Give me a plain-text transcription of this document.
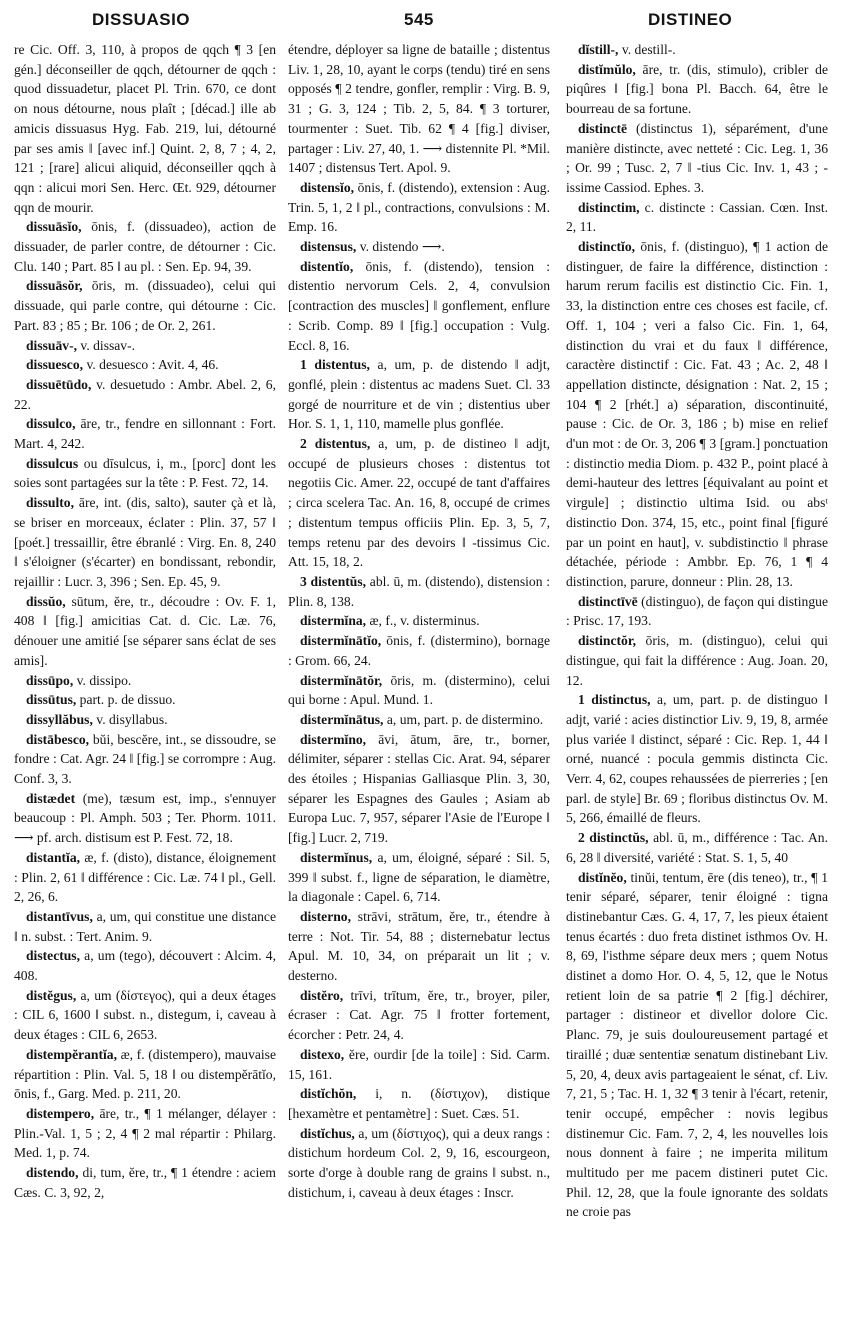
DISSUASIO	545	DISTINEO

re Cic. Off. 3, 110, à propos de qqch ¶ 3 [en gén.] déconseiller de qqch, détourner de qqch : quod dissuadetur, placet Pl. Trin. 670, ce dont on nous détourne, nous plaît ; [décad.] ille ab amicis dissuasus Hyg. Fab. 219, lui, détourné par ses amis ‖ [avec inf.] Quint. 2, 8, 7 ; 4, 2, 121 ; [rare] alicui aliquid, déconseiller qqch à qqn : alicui mori Sen. Herc. Œt. 929, détourner qqn de mourir.

dissuāsĭo, ōnis, f. (dissuadeo), action de dissuader, de parler contre, de détourner : Cic. Clu. 140 ; Part. 85 ‖ au pl. : Sen. Ep. 94, 39.

dissuāsŏr, ōris, m. (dissuadeo), celui qui dissuade, qui parle contre, qui détourne : Cic. Part. 83 ; 85 ; Br. 106 ; de Or. 2, 261.

dissuāv-, v. dissav-.

dissuesco, v. desuesco : Avit. 4, 46.

dissuētūdo, v. desuetudo : Ambr. Abel. 2, 6, 22.

dissulco, āre, tr., fendre en sillonnant : Fort. Mart. 4, 242.

dissulcus ou dīsulcus, i, m., [porc] dont les soies sont partagées sur la tête : P. Fest. 72, 14.

dissulto, āre, int. (dis, salto), sauter çà et là, se briser en morceaux, éclater : Plin. 37, 57 ‖ [poét.] tressaillir, être ébranlé : Virg. En. 8, 240 ‖ s'éloigner (s'écarter) en bondissant, rebondir, rejaillir : Lucr. 3, 396 ; Sen. Ep. 45, 9.

dissŭo, sūtum, ĕre, tr., découdre : Ov. F. 1, 408 ‖ [fig.] amicitias Cat. d. Cic. Læ. 76, dénouer une amitié [se séparer sans éclat de ses amis].

dissūpo, v. dissipo.

dissūtus, part. p. de dissuo.

dissyllăbus, v. disyllabus.

distābesco, bŭi, bescĕre, int., se dissoudre, se fondre : Cat. Agr. 24 ‖ [fig.] se corrompre : Aug. Conf. 3, 3.

distædet (me), tæsum est, imp., s'ennuyer beaucoup : Pl. Amph. 503 ; Ter. Phorm. 1011. ⟶ pf. arch. distisum est P. Fest. 72, 18.

distantĭa, æ, f. (disto), distance, éloignement : Plin. 2, 61 ‖ différence : Cic. Læ. 74 ‖ pl., Gell. 2, 26, 6.

distantīvus, a, um, qui constitue une distance ‖ n. subst. : Tert. Anim. 9.

distectus, a, um (tego), découvert : Alcim. 4, 408.

distĕgus, a, um (δίστεγος), qui a deux étages : CIL 6, 1600 ‖ subst. n., distegum, i, caveau à deux étages : CIL 6, 2653.

distempĕrantĭa, æ, f. (distempero), mauvaise répartition : Plin. Val. 5, 18 ‖ ou distempĕrātĭo, ōnis, f., Garg. Med. p. 211, 20.

distempero, āre, tr., ¶ 1 mélanger, délayer : Plin.-Val. 1, 5 ; 2, 4 ¶ 2 mal répartir : Philarg. Med. 1, p. 74.

distendo, di, tum, ĕre, tr., ¶ 1 étendre : aciem Cæs. C. 3, 92, 2,

étendre, déployer sa ligne de bataille ; distentus Liv. 1, 28, 10, ayant le corps (tendu) tiré en sens opposés ¶ 2 tendre, gonfler, remplir : Virg. B. 9, 31 ; G. 3, 124 ; Tib. 2, 5, 84. ¶ 3 torturer, tourmenter : Suet. Tib. 62 ¶ 4 [fig.] diviser, partager : Liv. 27, 40, 1. ⟶ distennite Pl. *Mil. 1407 ; distensus Tert. Apol. 9.

distensĭo, ōnis, f. (distendo), extension : Aug. Trin. 5, 1, 2 ‖ pl., contractions, convulsions : M. Emp. 16.

distensus, v. distendo ⟶.

distentĭo, ōnis, f. (distendo), tension : distentio nervorum Cels. 2, 4, convulsion [contraction des muscles] ‖ gonflement, enflure : Scrib. Comp. 89 ‖ [fig.] occupation : Vulg. Eccl. 8, 16.

1 distentus, a, um, p. de distendo ‖ adjt, gonflé, plein : distentus ac madens Suet. Cl. 33 gorgé de nourriture et de vin ; distentius uber Hor. S. 1, 1, 110, mamelle plus gonflée.

2 distentus, a, um, p. de distineo ‖ adjt, occupé de plusieurs choses : distentus tot negotiis Cic. Amer. 22, occupé de tant d'affaires ; circa scelera Tac. An. 16, 8, occupé de crimes ; distentum tempus officiis Plin. Ep. 3, 5, 7, temps retenu par des devoirs ‖ -tissimus Cic. Att. 15, 18, 2.

3 distentŭs, abl. ū, m. (distendo), distension : Plin. 8, 138.

distermĭna, æ, f., v. disterminus.

distermĭnātĭo, ōnis, f. (distermino), bornage : Grom. 66, 24.

distermĭnātŏr, ōris, m. (distermino), celui qui borne : Apul. Mund. 1.

distermĭnātus, a, um, part. p. de distermino.

distermĭno, āvi, ātum, āre, tr., borner, délimiter, séparer : stellas Cic. Arat. 94, séparer des étoiles ; Hispanias Galliasque Plin. 3, 30, séparer les Espagnes des Gaules ; Asiam ab Europa Luc. 7, 957, séparer l'Asie de l'Europe ‖ [fig.] Lucr. 2, 719.

distermĭnus, a, um, éloigné, séparé : Sil. 5, 399 ‖ subst. f., ligne de séparation, le diamètre, la diagonale : Capel. 6, 714.

disterno, strāvi, strātum, ĕre, tr., étendre à terre : Not. Tir. 54, 88 ; disternebatur lectus Apul. M. 10, 34, on préparait un lit ; v. desterno.

distĕro, trīvi, trītum, ĕre, tr., broyer, piler, écraser : Cat. Agr. 75 ‖ frotter fortement, écorcher : Petr. 24, 4.

distexo, ĕre, ourdir [de la toile] : Sid. Carm. 15, 161.

distĭchŏn, i, n. (δίστιχον), distique [hexamètre et pentamètre] : Suet. Cæs. 51.

distĭchus, a, um (δίστιχος), qui a deux rangs : distichum hordeum Col. 2, 9, 16, escourgeon, sorte d'orge à double rang de grains ‖ subst. n., distichum, i, caveau à deux étages : Inscr.

dĭstill-, v. destill-.

distĭmŭlo, āre, tr. (dis, stimulo), cribler de piqûres ‖ [fig.] bona Pl. Bacch. 64, être le bourreau de sa fortune.

distinctē (distinctus 1), séparément, d'une manière distincte, avec netteté : Cic. Leg. 1, 36 ; Or. 99 ; Tusc. 2, 7 ‖ -tius Cic. Inv. 1, 43 ; -issime Cassiod. Ephes. 3.

distinctim, c. distincte : Cassian. Cœn. Inst. 2, 11.

distinctĭo, ōnis, f. (distinguo), ¶ 1 action de distinguer, de faire la différence, distinction : harum rerum facilis est distinctio Cic. Fin. 1, 33, la distinction entre ces choses est facile, cf. Off. 1, 104 ; veri a falso Cic. Fin. 1, 64, distinction du vrai et du faux ‖ différence, caractère distinctif : Cic. Fat. 43 ; Ac. 2, 48 ‖ appellation distincte, désignation : Nat. 2, 15 ; 104 ¶ 2 [rhét.] a) séparation, discontinuité, pause : Cic. de Or. 3, 186 ; b) mise en relief d'un mot : de Or. 3, 206 ¶ 3 [gram.] ponctuation : distinctio media Diom. p. 432 P., point placé à demi-hauteur des lettres [équivalant au point et virgule] ; distinctio ultima Isid. ou absᵗ distinctio Don. 374, 15, etc., point final [figuré par un point en haut], v. subdistinctio ‖ phrase détachée, période : Ambbr. Ep. 76, 1 ¶ 4 distinction, parure, donneur : Plin. 28, 13.

distinctīvē (distinguo), de façon qui distingue : Prisc. 17, 193.

distinctŏr, ōris, m. (distinguo), celui qui distingue, qui fait la différence : Aug. Joan. 20, 12.

1 distinctus, a, um, part. p. de distinguo ‖ adjt, varié : acies distinctior Liv. 9, 19, 8, armée plus variée ‖ distinct, séparé : Cic. Rep. 1, 44 ‖ orné, nuancé : pocula gemmis distincta Cic. Verr. 4, 62, coupes rehaussées de pierreries ; [en parl. de style] Br. 69 ; floribus distinctus Ov. M. 5, 266, émaillé de fleurs.

2 distinctŭs, abl. ū, m., différence : Tac. An. 6, 28 ‖ diversité, variété : Stat. S. 1, 5, 40

distĭnĕo, tinŭi, tentum, ēre (dis teneo), tr., ¶ 1 tenir séparé, séparer, tenir éloigné : tigna distinebantur Cæs. G. 4, 17, 7, les pieux étaient tenus écartés : duo freta distinet isthmos Ov. H. 8, 69, l'isthme sépare deux mers ; quem Notus distinet a domo Hor. O. 4, 5, 12, que le Notus retient loin de sa patrie ¶ 2 [fig.] déchirer, partager : distineor et divellor dolore Cic. Planc. 79, je suis douloureusement partagé et tiraillé ; duæ sententiæ senatum distinebant Liv. 5, 20, 4, deux avis partageaient le sénat, cf. Liv. 7, 21, 5 ; Tac. H. 1, 32 ¶ 3 tenir à l'écart, retenir, tenir occupé, empêcher : novis legibus distinemur Cic. Fam. 7, 2, 4, les nouvelles lois nous donnent à faire ; ne imperita militum multitudo per me pacem distineri putet Cic. Phil. 12, 28, que la foule ignorante des soldats ne croie pas
